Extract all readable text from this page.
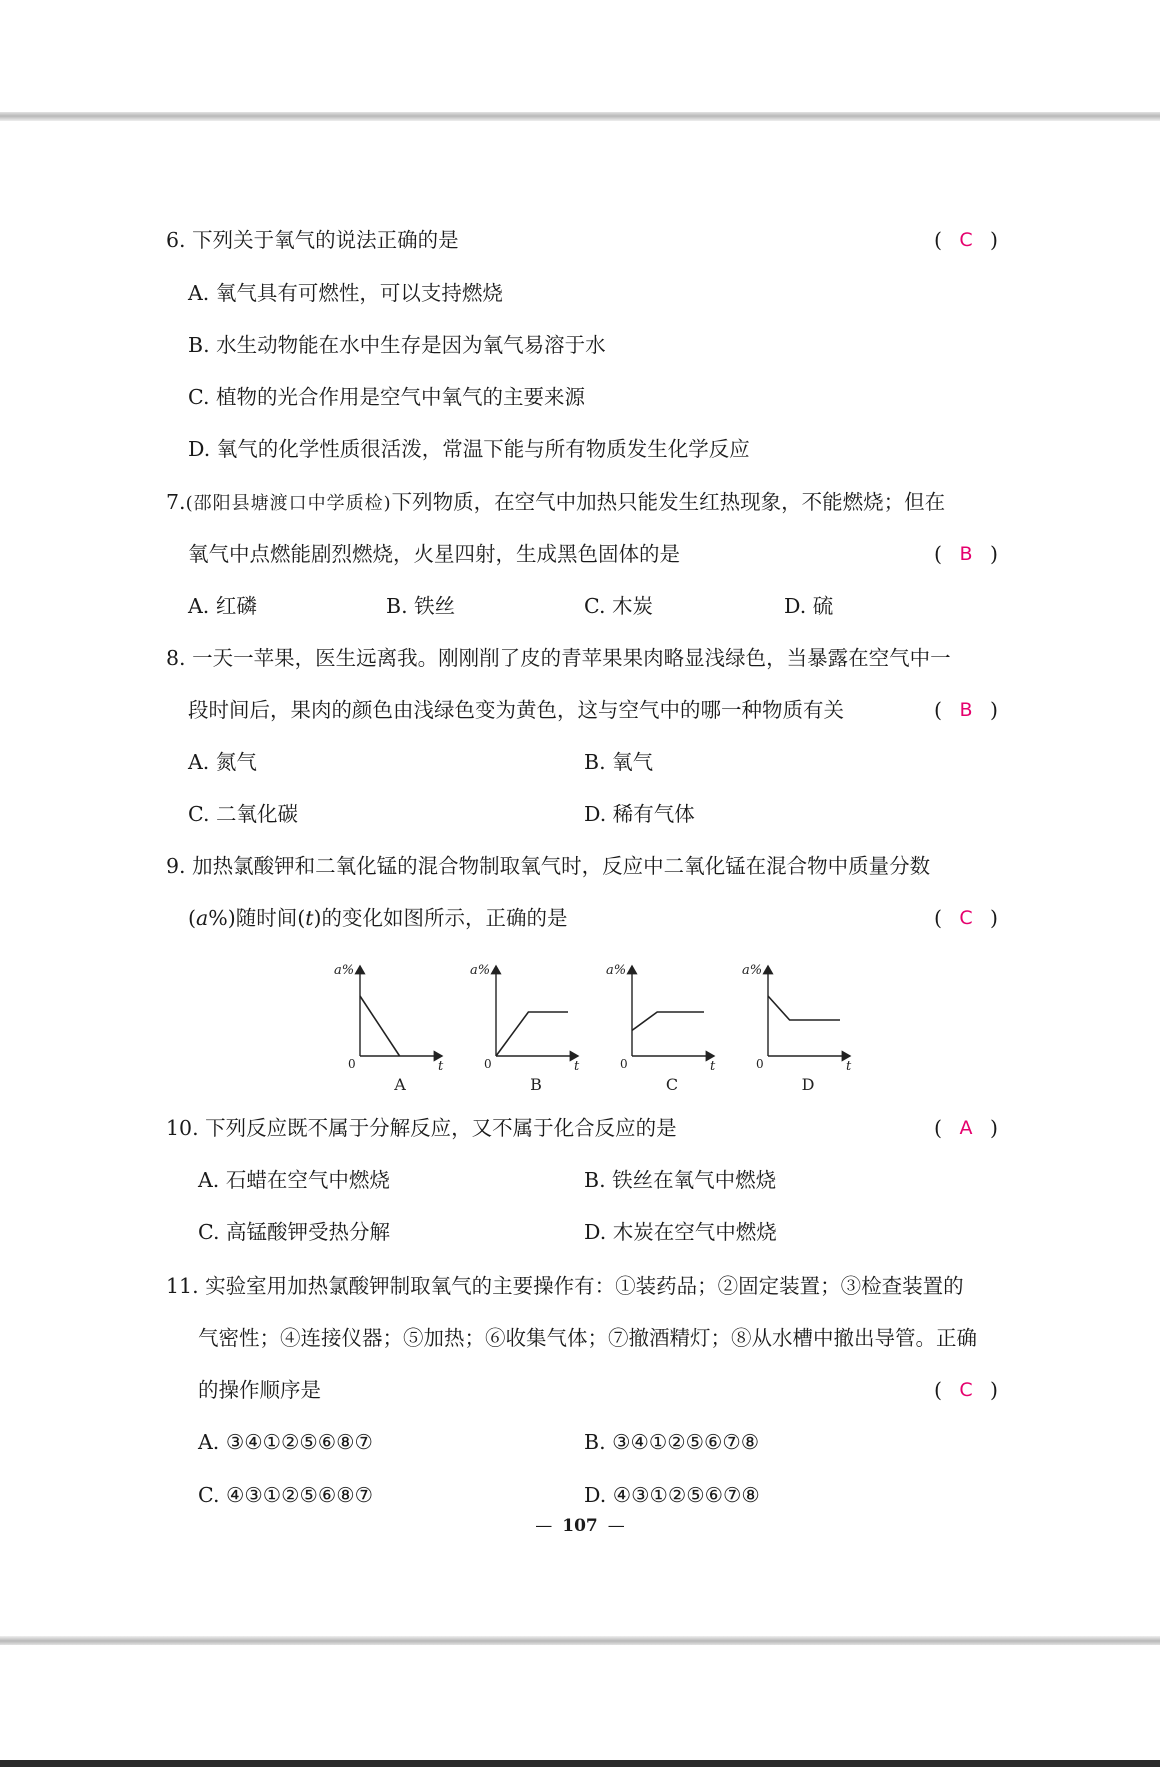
6. 下列关于氧气的说法正确的是	( C )
A. 氧气具有可燃性，可以支持燃烧
B. 水生动物能在水中生存是因为氧气易溶于水
C. 植物的光合作用是空气中氧气的主要来源
D. 氧气的化学性质很活泼，常温下能与所有物质发生化学反应
7.(邵阳县塘渡口中学质检)下列物质，在空气中加热只能发生红热现象，不能燃烧；但在
氧气中点燃能剧烈燃烧，火星四射，生成黑色固体的是	( B )
A. 红磷	B. 铁丝	C. 木炭	D. 硫
8. 一天一苹果，医生远离我。刚刚削了皮的青苹果果肉略显浅绿色，当暴露在空气中一
段时间后，果肉的颜色由浅绿色变为黄色，这与空气中的哪一种物质有关	( B )
A. 氮气	B. 氧气
C. 二氧化碳	D. 稀有气体
9. 加热氯酸钾和二氧化锰的混合物制取氧气时，反应中二氧化锰在混合物中质量分数
(a%)随时间(t)的变化如图所示，正确的是	( C )
a%
t
0
A
a%
t
0
B
a%
t
0
C
a%
t
0
D
10. 下列反应既不属于分解反应，又不属于化合反应的是	( A )
A. 石蜡在空气中燃烧	B. 铁丝在氧气中燃烧
C. 高锰酸钾受热分解	D. 木炭在空气中燃烧
11. 实验室用加热氯酸钾制取氧气的主要操作有：①装药品；②固定装置；③检查装置的
气密性；④连接仪器；⑤加热；⑥收集气体；⑦撤酒精灯；⑧从水槽中撤出导管。正确
的操作顺序是	( C )
A. ③④①②⑤⑥⑧⑦	B. ③④①②⑤⑥⑦⑧
C. ④③①②⑤⑥⑧⑦	D. ④③①②⑤⑥⑦⑧
— 107 —
